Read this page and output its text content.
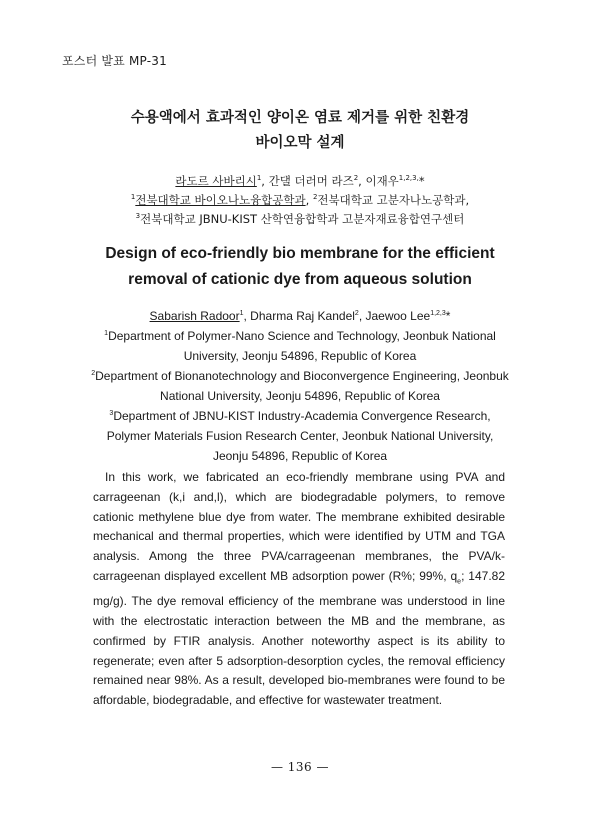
포스터 발표 MP-31
수용액에서 효과적인 양이온 염료 제거를 위한 친환경
바이오막 설계
라도르 사바리시$^1$, 간댈 더러머 라즈$^2$, 이재우$^{1,2,3,}$*
$^1$전북대학교 바이오나노융합공학과, $^2$전북대학교 고분자나노공학과,
$^3$전북대학교 JBNU-KIST 산학연융합학과 고분자재료융합연구센터
Design of eco-friendly bio membrane for the efficient
removal of cationic dye from aqueous solution
Sabarish Radoor$^1$, Dharma Raj Kandel$^2$, Jaewoo Lee$^{1,2,3}$*
$^1$Department of Polymer-Nano Science and Technology, Jeonbuk National University, Jeonju 54896, Republic of Korea
$^2$Department of Bionanotechnology and Bioconvergence Engineering, Jeonbuk National University, Jeonju 54896, Republic of Korea
$^3$Department of JBNU-KIST Industry-Academia Convergence Research, Polymer Materials Fusion Research Center, Jeonbuk National University, Jeonju 54896, Republic of Korea
In this work, we fabricated an eco-friendly membrane using PVA and carrageenan (k,i and,l), which are biodegradable polymers, to remove cationic methylene blue dye from water. The membrane exhibited desirable mechanical and thermal properties, which were identified by UTM and TGA analysis. Among the three PVA/carrageenan membranes, the PVA/k-carrageenan displayed excellent MB adsorption power (R%; 99%, $q_e$; 147.82 mg/g). The dye removal efficiency of the membrane was understood in line with the electrostatic interaction between the MB and the membrane, as confirmed by FTIR analysis. Another noteworthy aspect is its ability to regenerate; even after 5 adsorption-desorption cycles, the removal efficiency remained near 98%. As a result, developed bio-membranes were found to be affordable, biodegradable, and effective for wastewater treatment.
— 136 —
